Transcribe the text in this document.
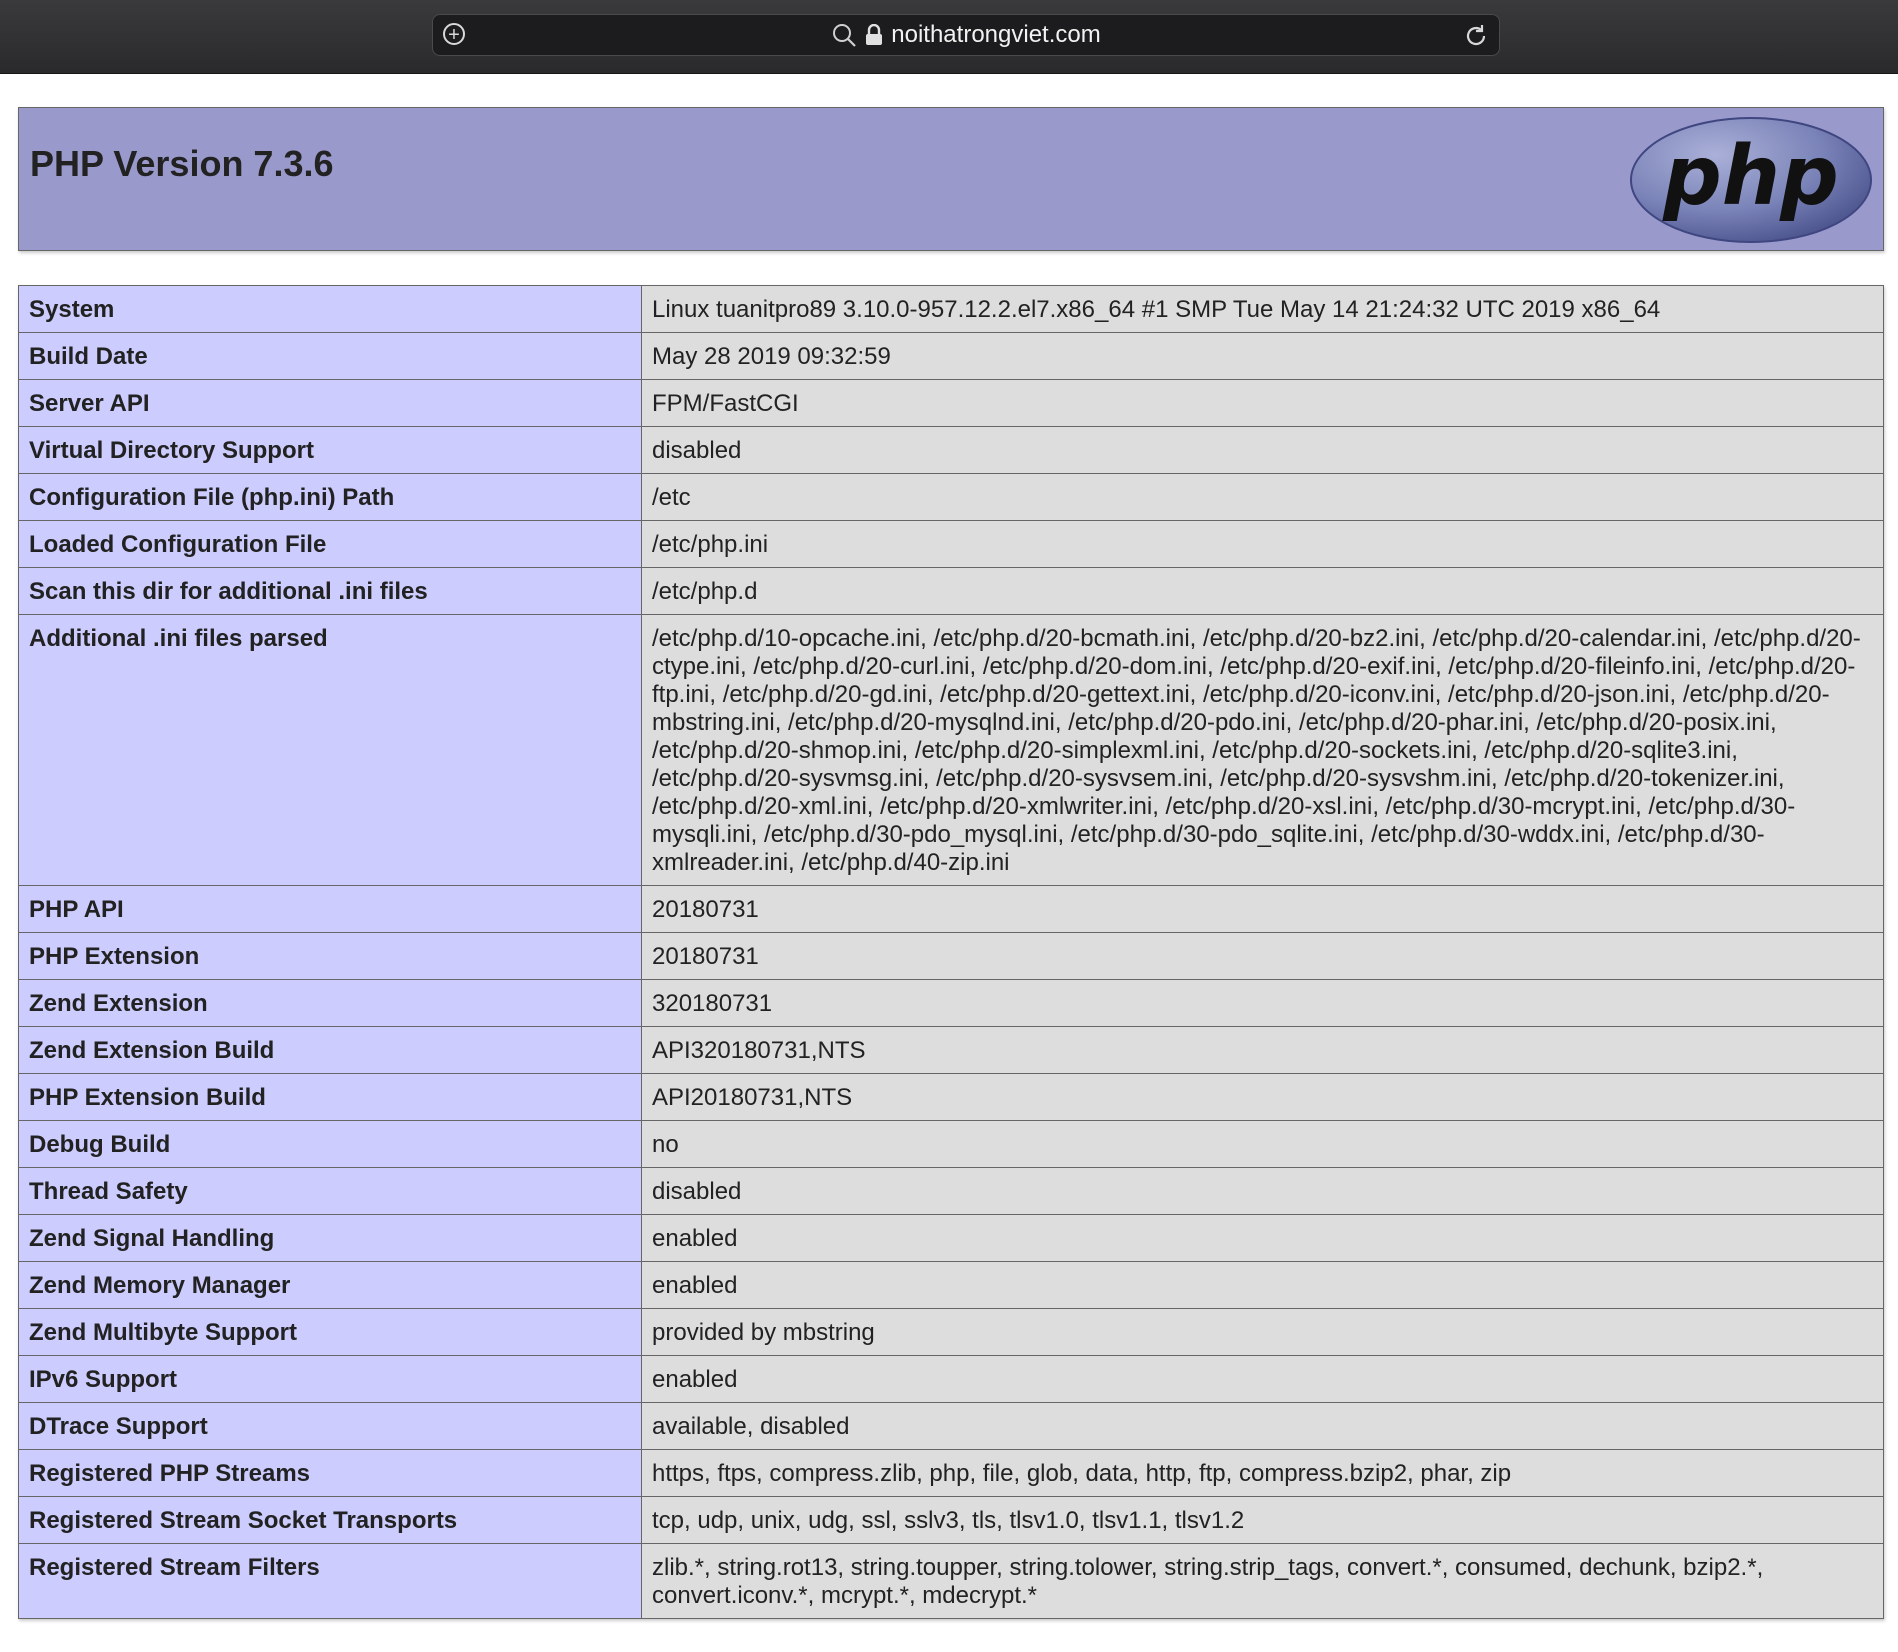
+	noithatrongviet.com
PHP Version 7.3.6	php
System	Linux tuanitpro89 3.10.0-957.12.2.el7.x86_64 #1 SMP Tue May 14 21:24:32 UTC 2019 x86_64
Build Date	May 28 2019 09:32:59
Server API	FPM/FastCGI
Virtual Directory Support	disabled
Configuration File (php.ini) Path	/etc
Loaded Configuration File	/etc/php.ini
Scan this dir for additional .ini files	/etc/php.d
Additional .ini files parsed	/etc/php.d/10-opcache.ini, /etc/php.d/20-bcmath.ini, /etc/php.d/20-bz2.ini, /etc/php.d/20-calendar.ini, /etc/php.d/20-ctype.ini, /etc/php.d/20-curl.ini, /etc/php.d/20-dom.ini, /etc/php.d/20-exif.ini, /etc/php.d/20-fileinfo.ini, /etc/php.d/20-ftp.ini, /etc/php.d/20-gd.ini, /etc/php.d/20-gettext.ini, /etc/php.d/20-iconv.ini, /etc/php.d/20-json.ini, /etc/php.d/20-mbstring.ini, /etc/php.d/20-mysqlnd.ini, /etc/php.d/20-pdo.ini, /etc/php.d/20-phar.ini, /etc/php.d/20-posix.ini, /etc/php.d/20-shmop.ini, /etc/php.d/20-simplexml.ini, /etc/php.d/20-sockets.ini, /etc/php.d/20-sqlite3.ini, /etc/php.d/20-sysvmsg.ini, /etc/php.d/20-sysvsem.ini, /etc/php.d/20-sysvshm.ini, /etc/php.d/20-tokenizer.ini, /etc/php.d/20-xml.ini, /etc/php.d/20-xmlwriter.ini, /etc/php.d/20-xsl.ini, /etc/php.d/30-mcrypt.ini, /etc/php.d/30-mysqli.ini, /etc/php.d/30-pdo_mysql.ini, /etc/php.d/30-pdo_sqlite.ini, /etc/php.d/30-wddx.ini, /etc/php.d/30-xmlreader.ini, /etc/php.d/40-zip.ini
PHP API	20180731
PHP Extension	20180731
Zend Extension	320180731
Zend Extension Build	API320180731,NTS
PHP Extension Build	API20180731,NTS
Debug Build	no
Thread Safety	disabled
Zend Signal Handling	enabled
Zend Memory Manager	enabled
Zend Multibyte Support	provided by mbstring
IPv6 Support	enabled
DTrace Support	available, disabled
Registered PHP Streams	https, ftps, compress.zlib, php, file, glob, data, http, ftp, compress.bzip2, phar, zip
Registered Stream Socket Transports	tcp, udp, unix, udg, ssl, sslv3, tls, tlsv1.0, tlsv1.1, tlsv1.2
Registered Stream Filters	zlib.*, string.rot13, string.toupper, string.tolower, string.strip_tags, convert.*, consumed, dechunk, bzip2.*, convert.iconv.*, mcrypt.*, mdecrypt.*
